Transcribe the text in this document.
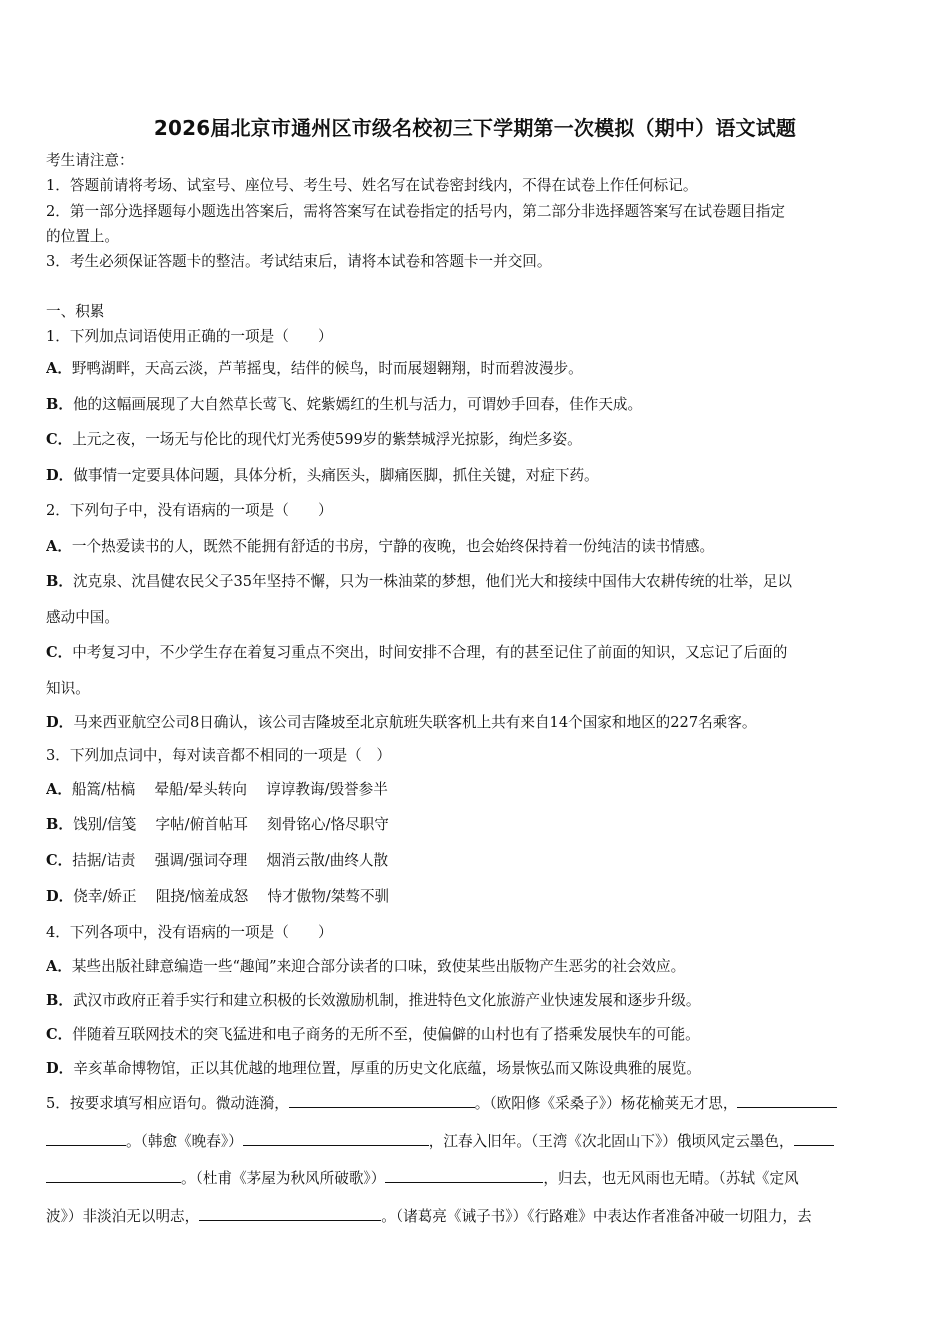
2026届北京市通州区市级名校初三下学期第一次模拟（期中）语文试题
考生请注意：
1．答题前请将考场、试室号、座位号、考生号、姓名写在试卷密封线内，不得在试卷上作任何标记。
2．第一部分选择题每小题选出答案后，需将答案写在试卷指定的括号内，第二部分非选择题答案写在试卷题目指定
的位置上。
3．考生必须保证答题卡的整洁。考试结束后，请将本试卷和答题卡一并交回。
一、积累
1．下列加点词语使用正确的一项是（　　）
A．野鸭湖畔，天高云淡，芦苇摇曳，结伴的候鸟，时而展翅翱翔，时而碧波漫步。
B．他的这幅画展现了大自然草长莺飞、姹紫嫣红的生机与活力，可谓妙手回春，佳作天成。
C．上元之夜，一场无与伦比的现代灯光秀使599岁的紫禁城浮光掠影，绚烂多姿。
D．做事情一定要具体问题，具体分析，头痛医头，脚痛医脚，抓住关键，对症下药。
2．下列句子中，没有语病的一项是（　　）
A．一个热爱读书的人，既然不能拥有舒适的书房，宁静的夜晚，也会始终保持着一份纯洁的读书情感。
B．沈克泉、沈昌健农民父子35年坚持不懈，只为一株油菜的梦想，他们光大和接续中国伟大农耕传统的壮举，足以
感动中国。
C．中考复习中，不少学生存在着复习重点不突出，时间安排不合理，有的甚至记住了前面的知识，又忘记了后面的
知识。
D．马来西亚航空公司8日确认，该公司吉隆坡至北京航班失联客机上共有来自14个国家和地区的227名乘客。
3．下列加点词中，每对读音都不相同的一项是（　）
A．船篙/枯槁　 晕船/晕头转向　 谆谆教诲/毁誉参半
B．饯别/信笺　 字帖/俯首帖耳　 刻骨铭心/恪尽职守
C．拮据/诘责　 强调/强词夺理　 烟消云散/曲终人散
D．侥幸/娇正　 阻挠/恼羞成怒　 恃才傲物/桀骜不驯
4．下列各项中，没有语病的一项是（　　）
A．某些出版社肆意编造一些“趣闻”来迎合部分读者的口味，致使某些出版物产生恶劣的社会效应。
B．武汉市政府正着手实行和建立积极的长效激励机制，推进特色文化旅游产业快速发展和逐步升级。
C．伴随着互联网技术的突飞猛进和电子商务的无所不至，使偏僻的山村也有了搭乘发展快车的可能。
D．辛亥革命博物馆，正以其优越的地理位置，厚重的历史文化底蕴，场景恢弘而又陈设典雅的展览。
5．按要求填写相应语句。微动涟漪，	。（欧阳修《采桑子》）杨花榆荚无才思，
。（韩愈《晚春》）	，江春入旧年。（王湾《次北固山下》）俄顷风定云墨色，
。（杜甫《茅屋为秋风所破歌》）	，归去，也无风雨也无晴。（苏轼《定风
波》）非淡泊无以明志，	。（诸葛亮《诫子书》）《行路难》中表达作者准备冲破一切阻力，去
